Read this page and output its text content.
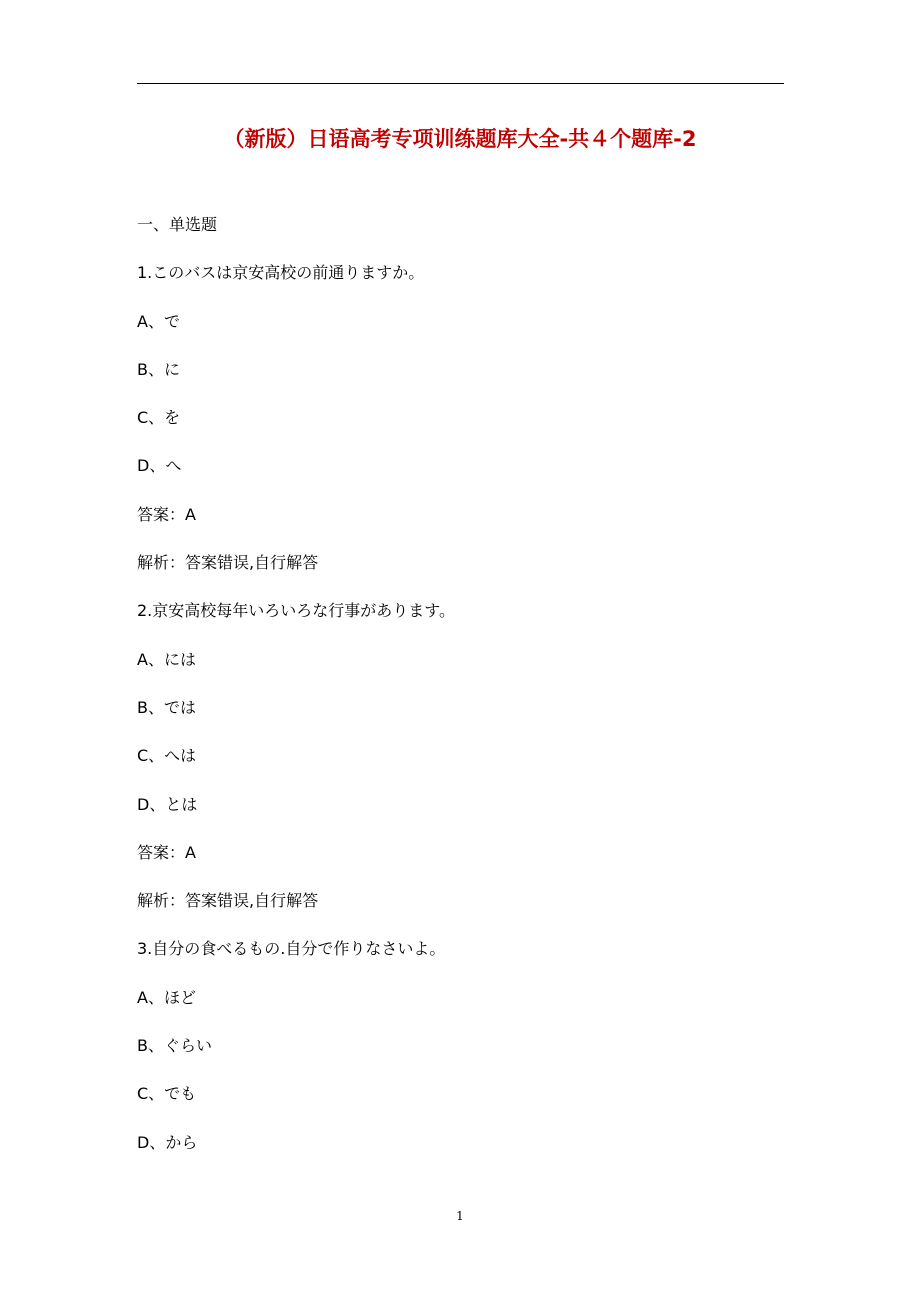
（新版）日语高考专项训练题库大全-共４个题库-2
一、单选题
1.このバスは京安高校の前通りますか。
A、で
B、に
C、を
D、へ
答案：A
解析：答案错误,自行解答
2.京安高校每年いろいろな行事があります。
A、には
B、では
C、へは
D、とは
答案：A
解析：答案错误,自行解答
3.自分の食べるもの.自分で作りなさいよ。
A、ほど
B、ぐらい
C、でも
D、から
1
